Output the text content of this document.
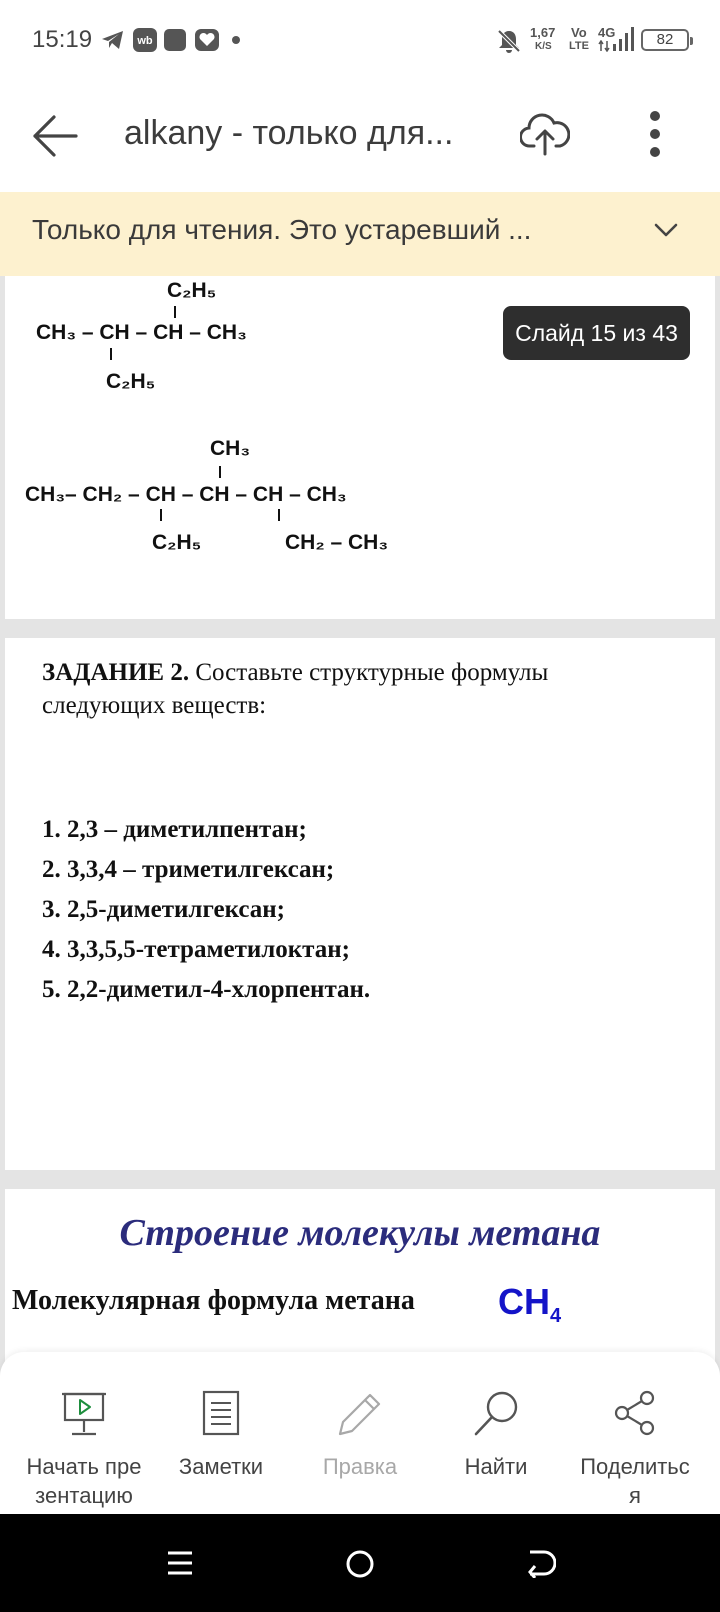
15:19	wb
1,67
K/S
Vo
LTE
4G	82
alkany - только для...
Только для чтения. Это устаревший ...
C₂H₅
CH₃ – CH – CH – CH₃
C₂H₅
CH₃
CH₃– CH₂ – CH – CH – CH – CH₃
C₂H₅	CH₂ – CH₃
Слайд 15 из 43
ЗАДАНИЕ 2. Составьте структурные формулы следующих веществ:
1. 2,3 – диметилпентан;
2. 3,3,4 – триметилгексан;
3. 2,5-диметилгексан;
4. 3,3,5,5-тетраметилоктан;
5. 2,2-диметил-4-хлорпентан.
Строение молекулы метана
Молекулярная формула метана $CH_4$
Начать пре
зентацию
Заметки	Правка	Найти	Поделитьс
я
